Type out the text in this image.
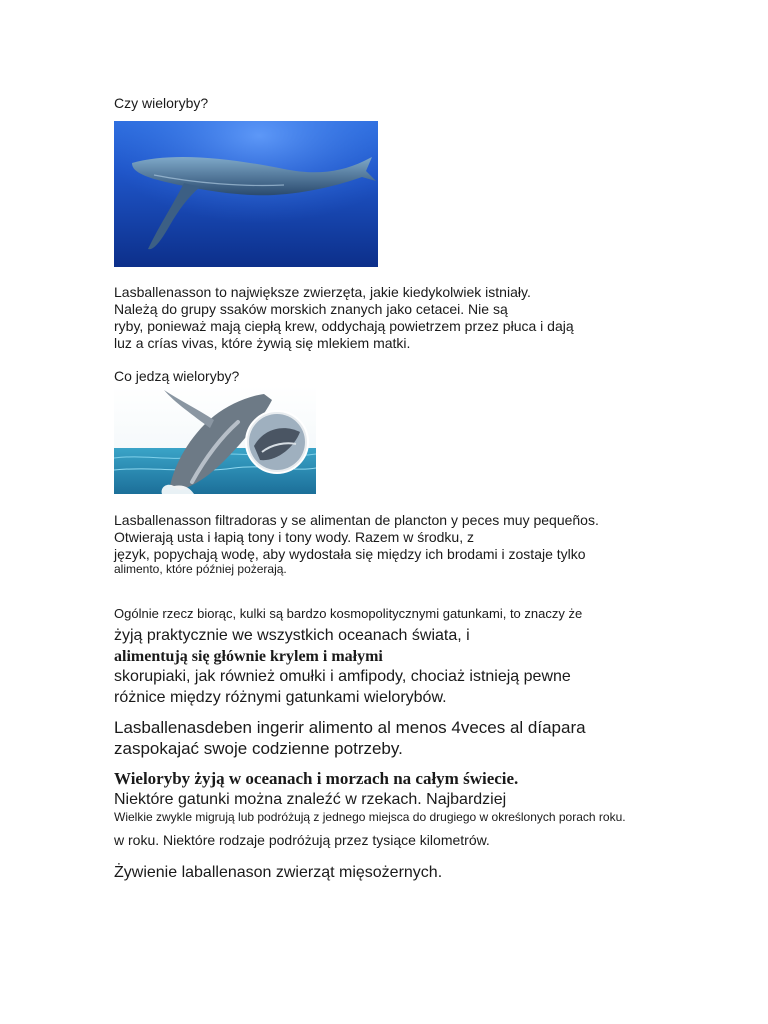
Czy wieloryby?

Lasballenasson to największe zwierzęta, jakie kiedykolwiek istniały.

Należą do grupy ssaków morskich znanych jako cetacei. Nie są

ryby, ponieważ mają ciepłą krew, oddychają powietrzem przez płuca i dają

luz a crías vivas, które żywią się mlekiem matki.

Co jedzą wieloryby?

Lasballenasson filtradoras y se alimentan de plancton y peces muy pequeños.

Otwierają usta i łapią tony i tony wody. Razem w środku, z

język, popychają wodę, aby wydostała się między ich brodami i zostaje tylko

alimento, które później pożerają.

Ogólnie rzecz biorąc, kulki są bardzo kosmopolitycznymi gatunkami, to znaczy że

żyją praktycznie we wszystkich oceanach świata, i

alimentują się głównie krylem i małymi

skorupiaki, jak również omułki i amfipody, chociaż istnieją pewne

różnice między różnymi gatunkami wielorybów.

Lasballenasdeben ingerir alimento al menos 4veces al díapara

zaspokajać swoje codzienne potrzeby.

Wieloryby żyją w oceanach i morzach na całym świecie.

Niektóre gatunki można znaleźć w rzekach. Najbardziej

Wielkie zwykle migrują lub podróżują z jednego miejsca do drugiego w określonych porach roku.

w roku. Niektóre rodzaje podróżują przez tysiące kilometrów.

Żywienie laballenason zwierząt mięsożernych.
